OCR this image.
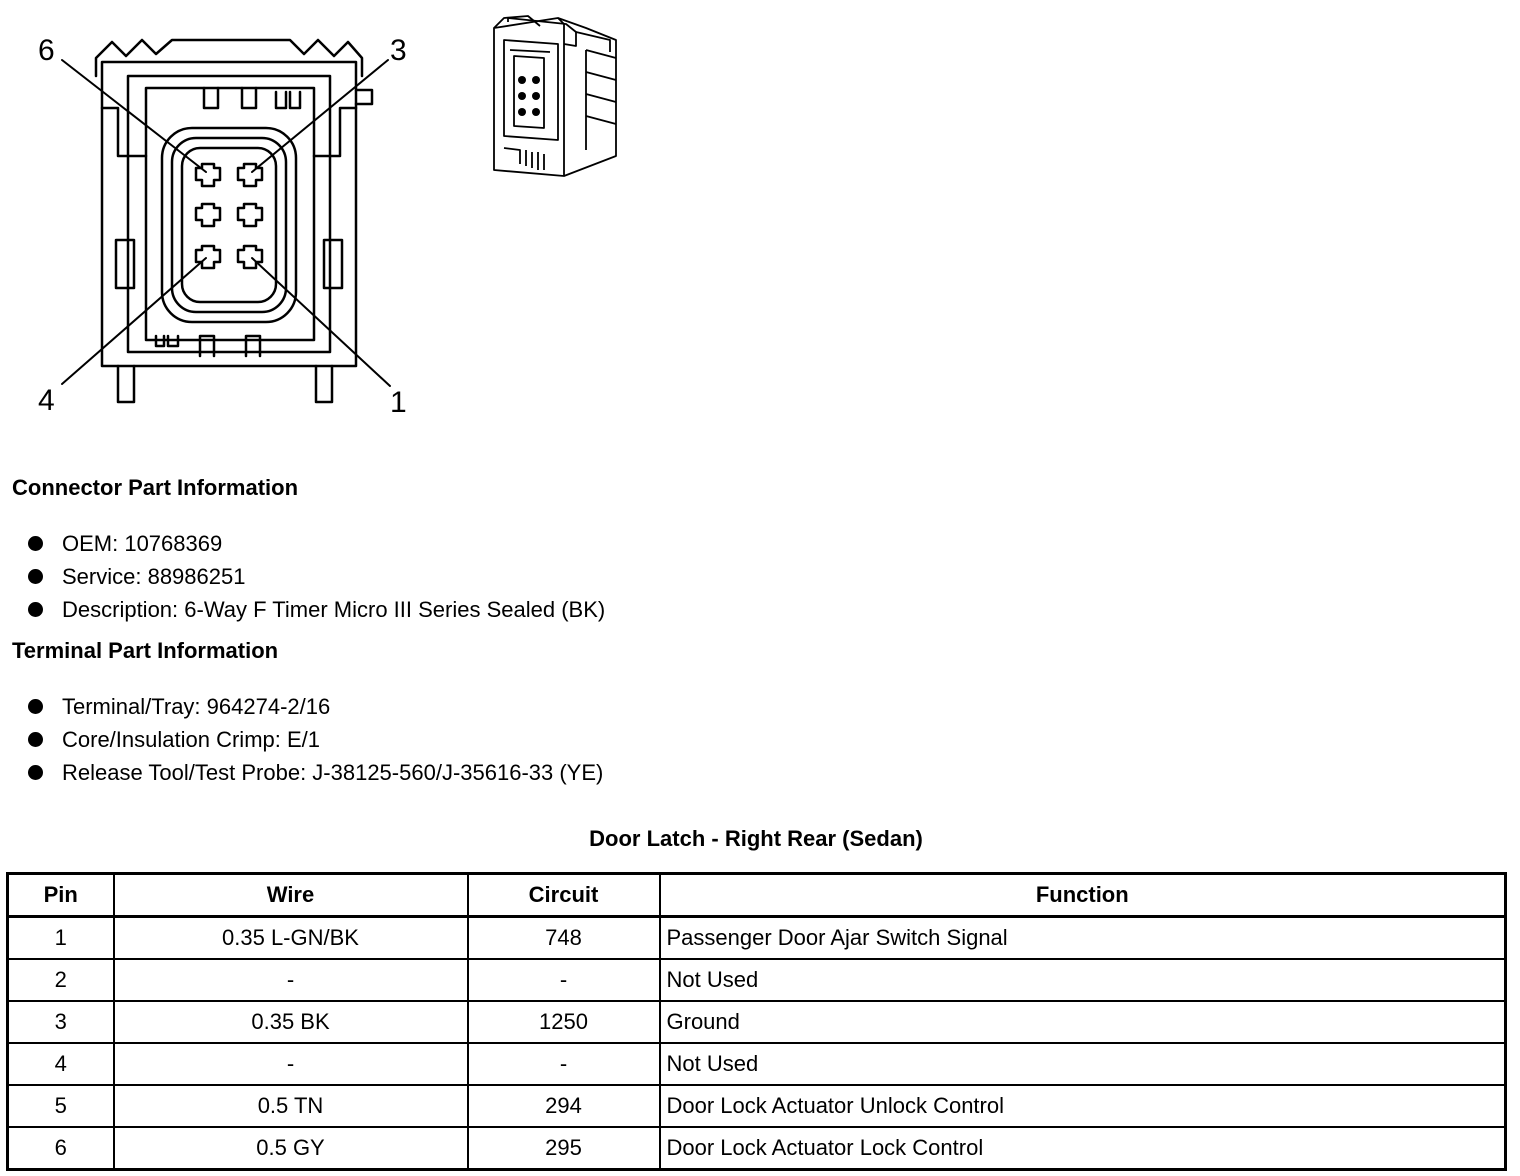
6	3
4	1
Connector Part Information
OEM: 10768369
Service: 88986251
Description: 6-Way F Timer Micro III Series Sealed (BK)
Terminal Part Information
Terminal/Tray: 964274-2/16
Core/Insulation Crimp: E/1
Release Tool/Test Probe: J-38125-560/J-35616-33 (YE)
Door Latch - Right Rear (Sedan)
Pin	Wire	Circuit	Function
1	0.35 L-GN/BK	748	Passenger Door Ajar Switch Signal
2	-	-	Not Used
3	0.35 BK	1250	Ground
4	-	-	Not Used
5	0.5 TN	294	Door Lock Actuator Unlock Control
6	0.5 GY	295	Door Lock Actuator Lock Control
